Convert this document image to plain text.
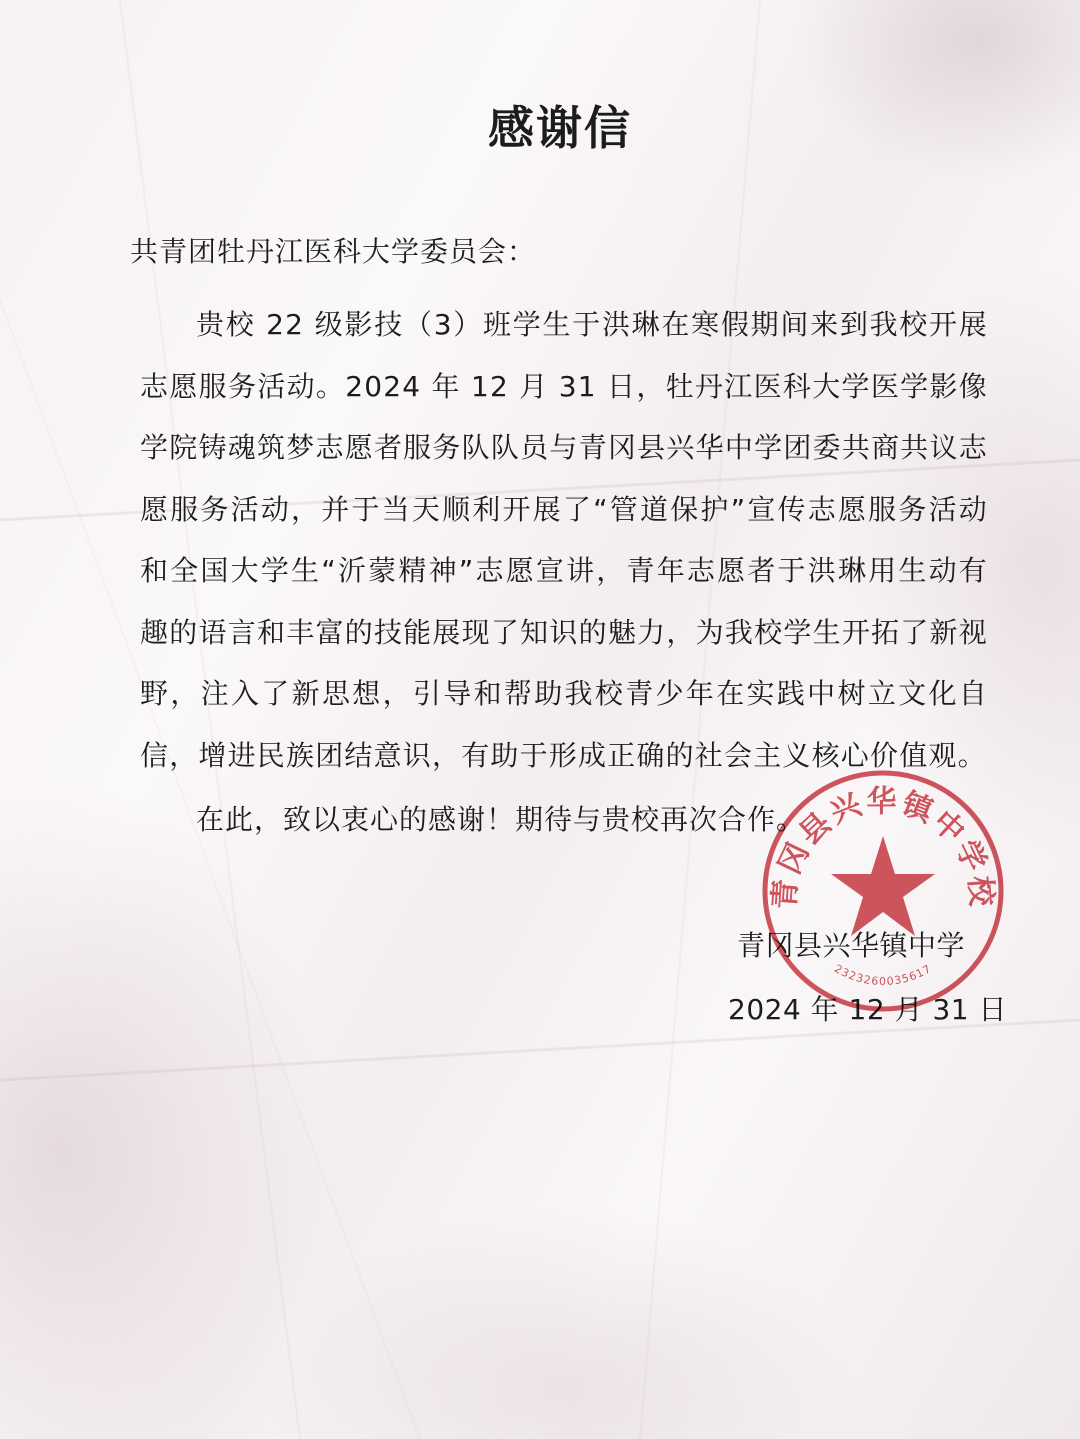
感谢信
共青团牡丹江医科大学委员会：
贵校 22 级影技（3）班学生于洪琳在寒假期间来到我校开展志愿服务活动。2024 年 12 月 31 日，牡丹江医科大学医学影像学院铸魂筑梦志愿者服务队队员与青冈县兴华中学团委共商共议志愿服务活动，并于当天顺利开展了“管道保护”宣传志愿服务活动和全国大学生“沂蒙精神”志愿宣讲，青年志愿者于洪琳用生动有趣的语言和丰富的技能展现了知识的魅力，为我校学生开拓了新视野，注入了新思想，引导和帮助我校青少年在实践中树立文化自信，增进民族团结意识，有助于形成正确的社会主义核心价值观。
在此，致以衷心的感谢！期待与贵校再次合作。
青冈县兴华镇中学
2024 年 12 月 31 日
青冈县兴华镇中学校
2323260035617
